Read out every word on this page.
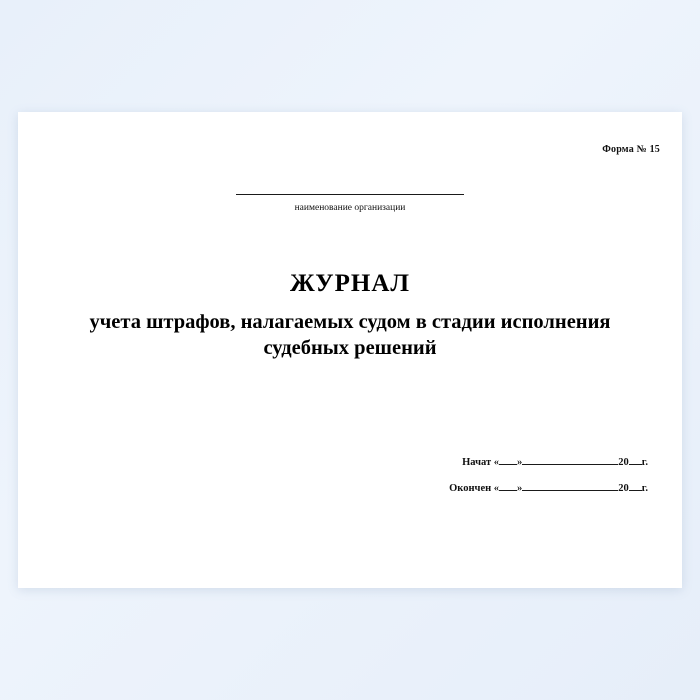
Форма № 15
наименование организации
ЖУРНАЛ
учета штрафов, налагаемых судом в стадии исполнения судебных решений
Начат « »	20 г.
Окончен « »	20 г.
